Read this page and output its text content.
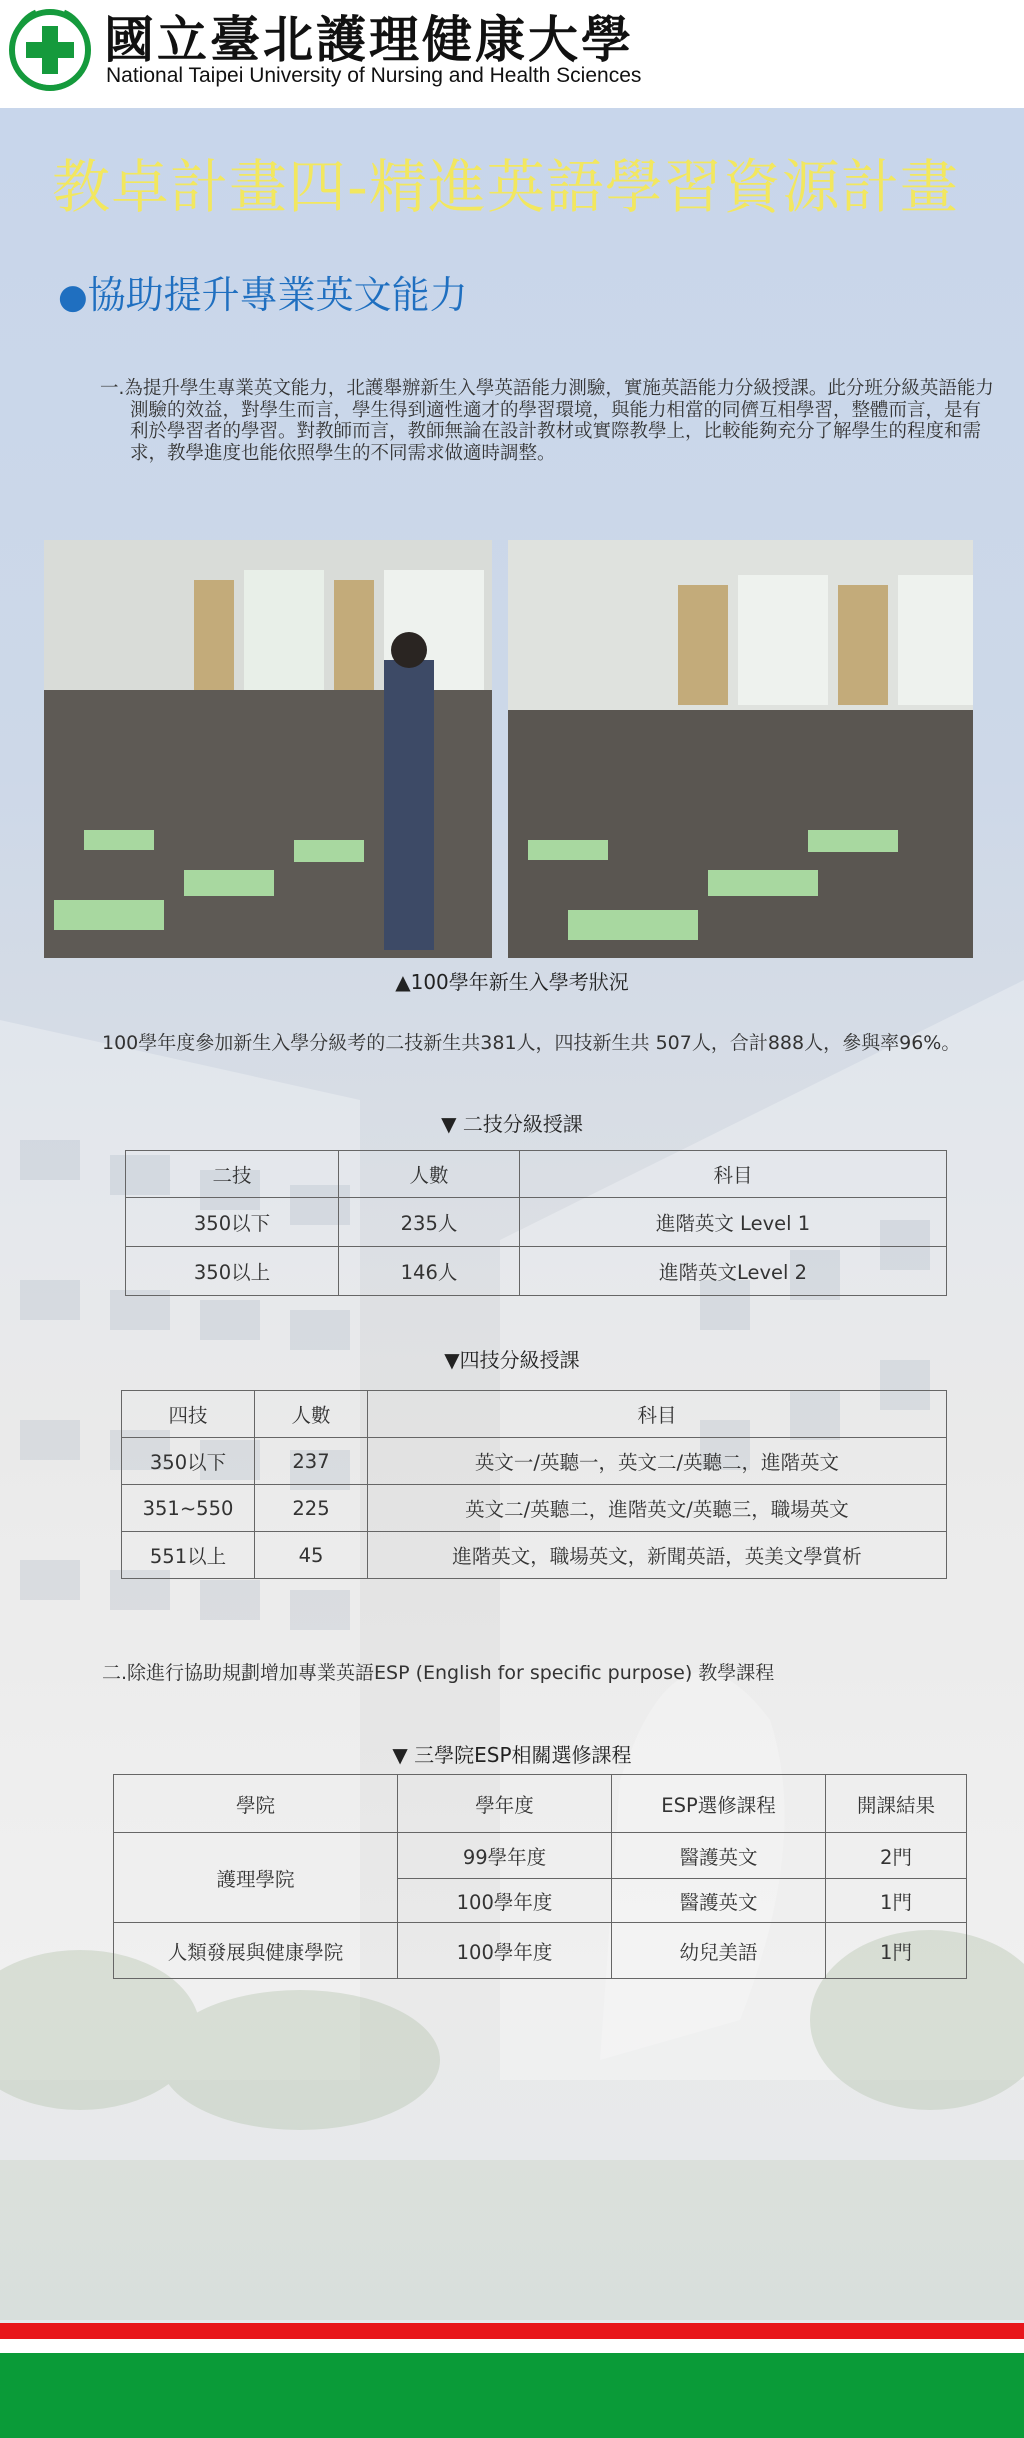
國立臺北護理健康大學
National Taipei University of Nursing and Health Sciences
教卓計畫四-精進英語學習資源計畫
●協助提升專業英文能力
一.為提升學生專業英文能力，北護舉辦新生入學英語能力測驗，實施英語能力分級授課。此分班分級英語能力測驗的效益，對學生而言，學生得到適性適才的學習環境，與能力相當的同儕互相學習，整體而言，是有利於學習者的學習。對教師而言，教師無論在設計教材或實際教學上，比較能夠充分了解學生的程度和需求，教學進度也能依照學生的不同需求做適時調整。
▲100學年新生入學考狀況
100學年度參加新生入學分級考的二技新生共381人，四技新生共 507人，合計888人，參與率96%。
▼ 二技分級授課
二技	人數	科目
350以下	235人	進階英文 Level 1
350以上	146人	進階英文Level 2
▼四技分級授課
四技	人數	科目
350以下	237	英文一/英聽一，英文二/英聽二，進階英文
351~550	225	英文二/英聽二，進階英文/英聽三，職場英文
551以上	45	進階英文，職場英文，新聞英語，英美文學賞析
二.除進行協助規劃增加專業英語ESP (English for specific purpose) 教學課程
▼ 三學院ESP相關選修課程
學院	學年度	ESP選修課程	開課結果
護理學院	99學年度	醫護英文	2門
	100學年度	醫護英文	1門
人類發展與健康學院	100學年度	幼兒美語	1門
